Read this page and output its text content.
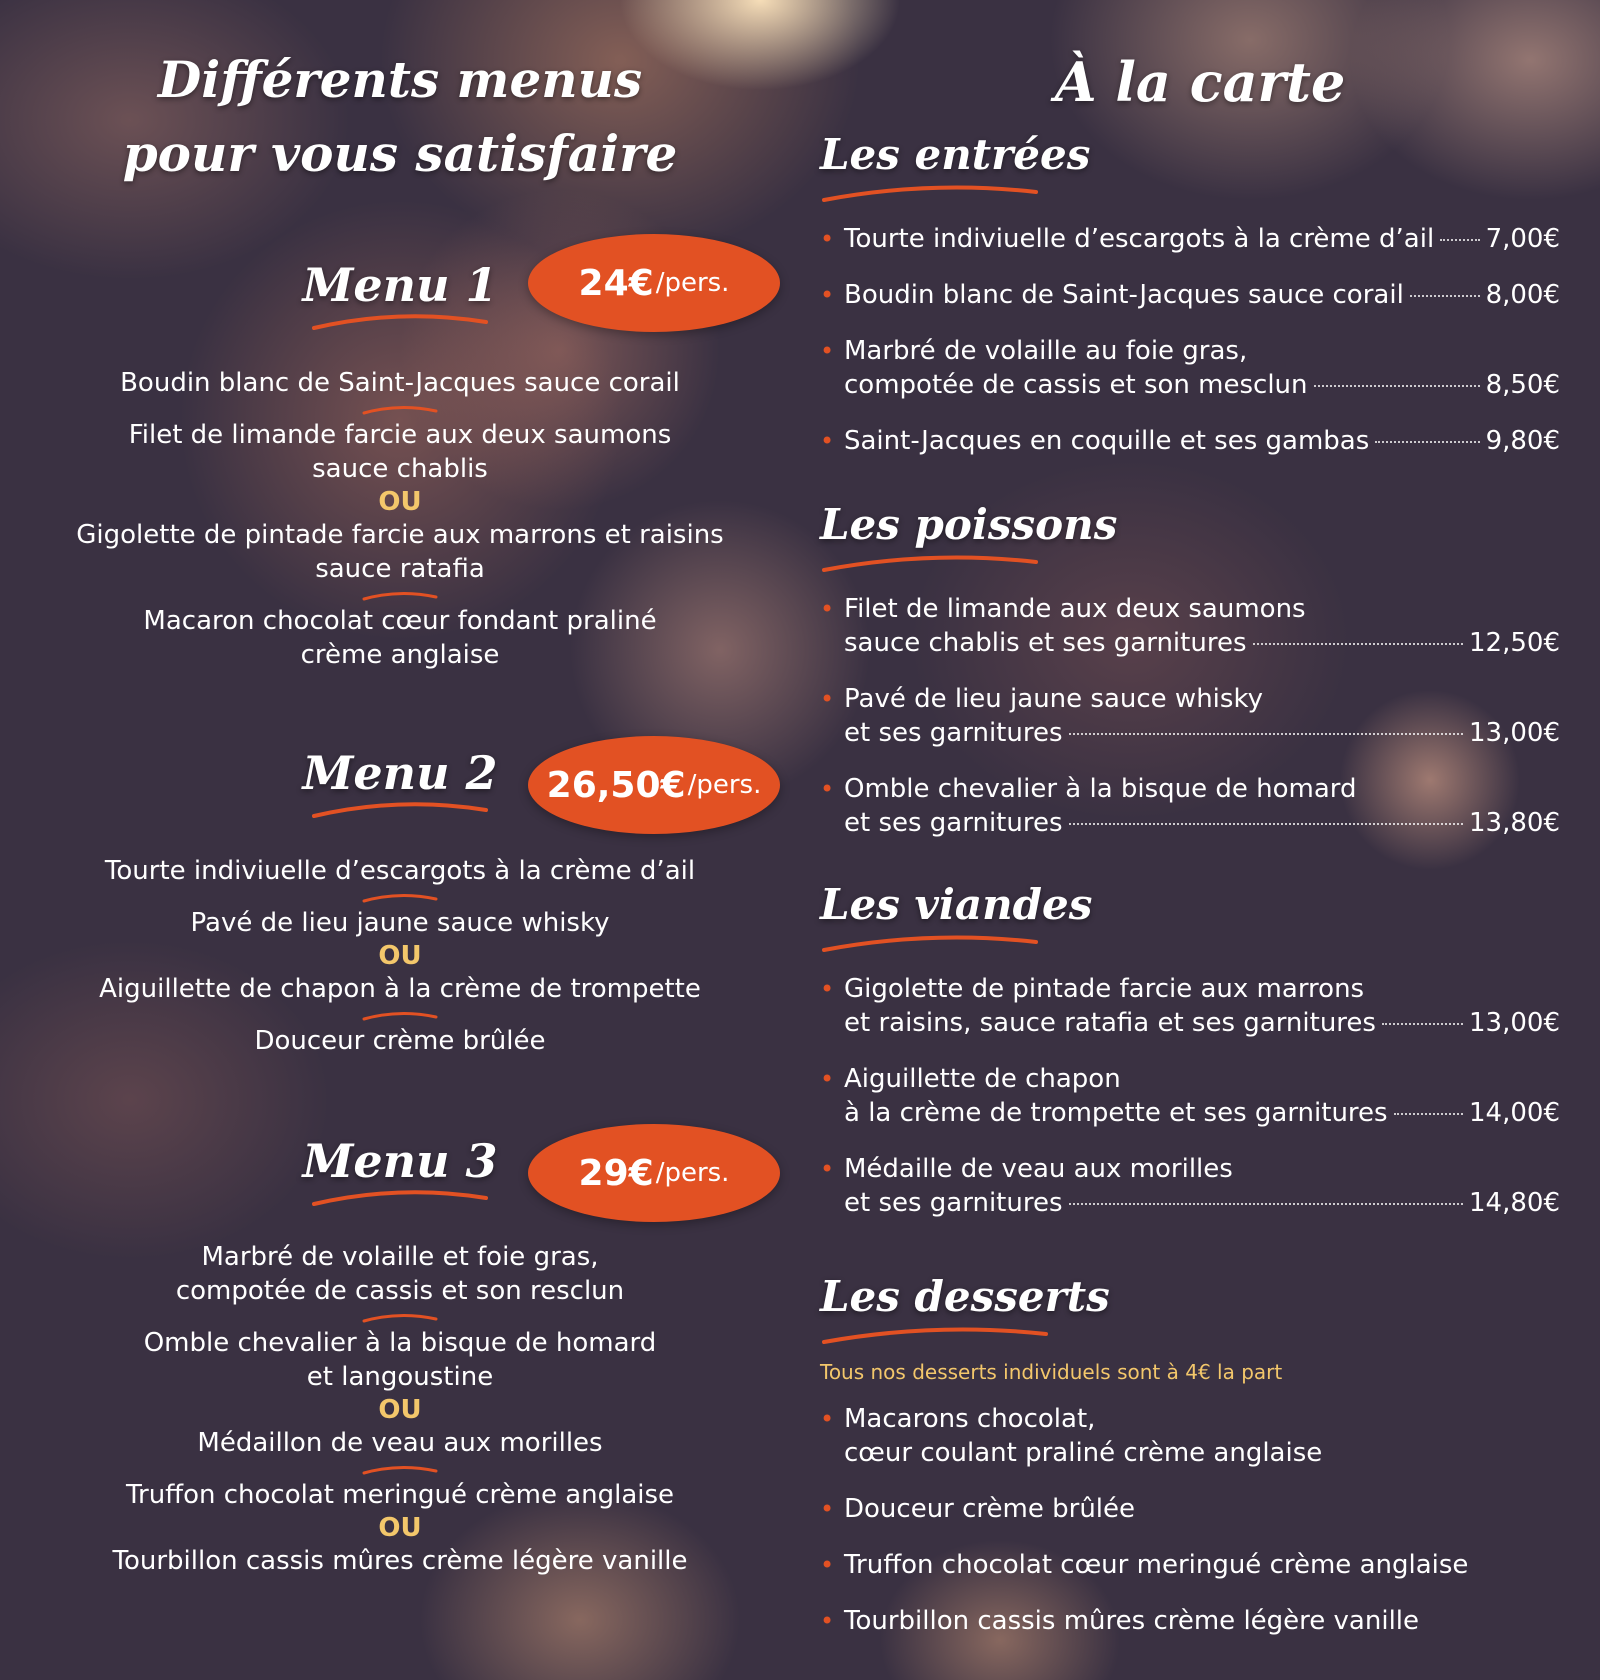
Différents menus
pour vous satisfaire
Menu 1	24€ /pers.
Boudin blanc de Saint-Jacques sauce corail
Filet de limande farcie aux deux saumons
sauce chablis
OU
Gigolette de pintade farcie aux marrons et raisins
sauce ratafia
Macaron chocolat cœur fondant praliné
crème anglaise
Menu 2	26,50€ /pers.
Tourte indiviuelle d’escargots à la crème d’ail
Pavé de lieu jaune sauce whisky
OU
Aiguillette de chapon à la crème de trompette
Douceur crème brûlée
Menu 3	29€ /pers.
Marbré de volaille et foie gras,
compotée de cassis et son resclun
Omble chevalier à la bisque de homard
et langoustine
OU
Médaillon de veau aux morilles
Truffon chocolat meringué crème anglaise
OU
Tourbillon cassis mûres crème légère vanille
À la carte
Les entrées
• Tourte indiviuelle d’escargots à la crème d’ail 7,00€
• Boudin blanc de Saint-Jacques sauce corail	8,00€
• Marbré de volaille au foie gras,
compotée de cassis et son mesclun	8,50€
• Saint-Jacques en coquille et ses gambas	9,80€
Les poissons
• Filet de limande aux deux saumons
sauce chablis et ses garnitures	12,50€
• Pavé de lieu jaune sauce whisky
et ses garnitures	13,00€
• Omble chevalier à la bisque de homard
et ses garnitures	13,80€
Les viandes
• Gigolette de pintade farcie aux marrons
et raisins, sauce ratafia et ses garnitures	13,00€
• Aiguillette de chapon
à la crème de trompette et ses garnitures	14,00€
• Médaille de veau aux morilles
et ses garnitures	14,80€
Les desserts
Tous nos desserts individuels sont à 4€ la part
• Macarons chocolat,
cœur coulant praliné crème anglaise
• Douceur crème brûlée
• Truffon chocolat cœur meringué crème anglaise
• Tourbillon cassis mûres crème légère vanille
